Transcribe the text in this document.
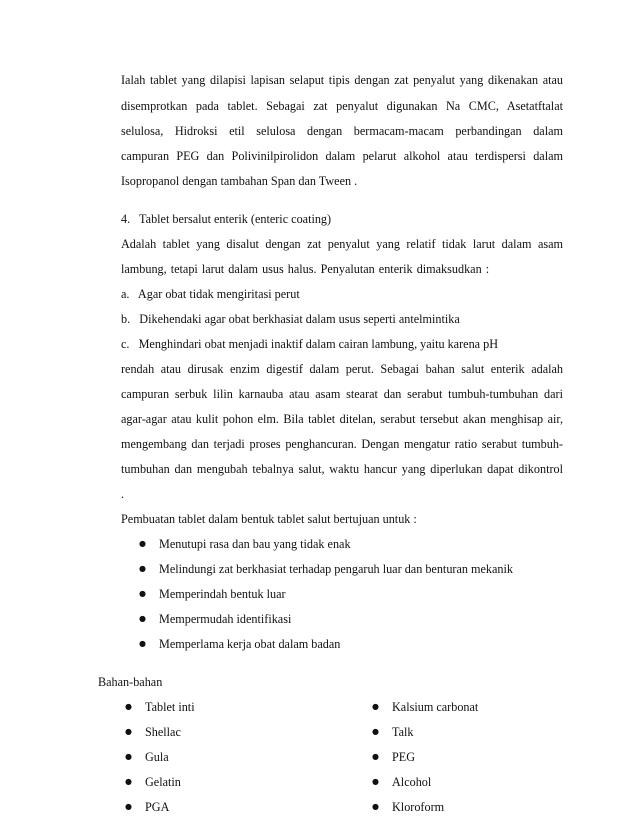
Ialah tablet yang dilapisi lapisan selaput tipis dengan zat penyalut yang dikenakan atau
disemprotkan pada tablet. Sebagai zat penyalut digunakan Na CMC, Asetatftalat
selulosa, Hidroksi etil selulosa dengan bermacam-macam perbandingan dalam
campuran PEG dan Polivinilpirolidon dalam pelarut alkohol atau terdispersi dalam
Isopropanol dengan tambahan Span dan Tween .
4.   Tablet bersalut enterik (enteric coating)
Adalah tablet yang disalut dengan zat penyalut yang relatif tidak larut dalam asam
lambung, tetapi larut dalam usus halus. Penyalutan enterik dimaksudkan :
a.   Agar obat tidak mengiritasi perut
b.   Dikehendaki agar obat berkhasiat dalam usus seperti antelmintika
c.   Menghindari obat menjadi inaktif dalam cairan lambung, yaitu karena pH
rendah atau dirusak enzim digestif dalam perut. Sebagai bahan salut enterik adalah
campuran serbuk lilin karnauba atau asam stearat dan serabut tumbuh-tumbuhan dari
agar-agar atau kulit pohon elm. Bila tablet ditelan, serabut tersebut akan menghisap air,
mengembang dan terjadi proses penghancuran. Dengan mengatur ratio serabut tumbuh-
tumbuhan dan mengubah tebalnya salut, waktu hancur yang diperlukan dapat dikontrol
.
Pembuatan tablet dalam bentuk tablet salut bertujuan untuk :
● Menutupi rasa dan bau yang tidak enak
● Melindungi zat berkhasiat terhadap pengaruh luar dan benturan mekanik
● Memperindah bentuk luar
● Mempermudah identifikasi
● Memperlama kerja obat dalam badan
Bahan-bahan
● Tablet inti
● Shellac
● Gula
● Gelatin
● PGA
● Kalsium carbonat
● Talk
● PEG
● Alcohol
● Kloroform
